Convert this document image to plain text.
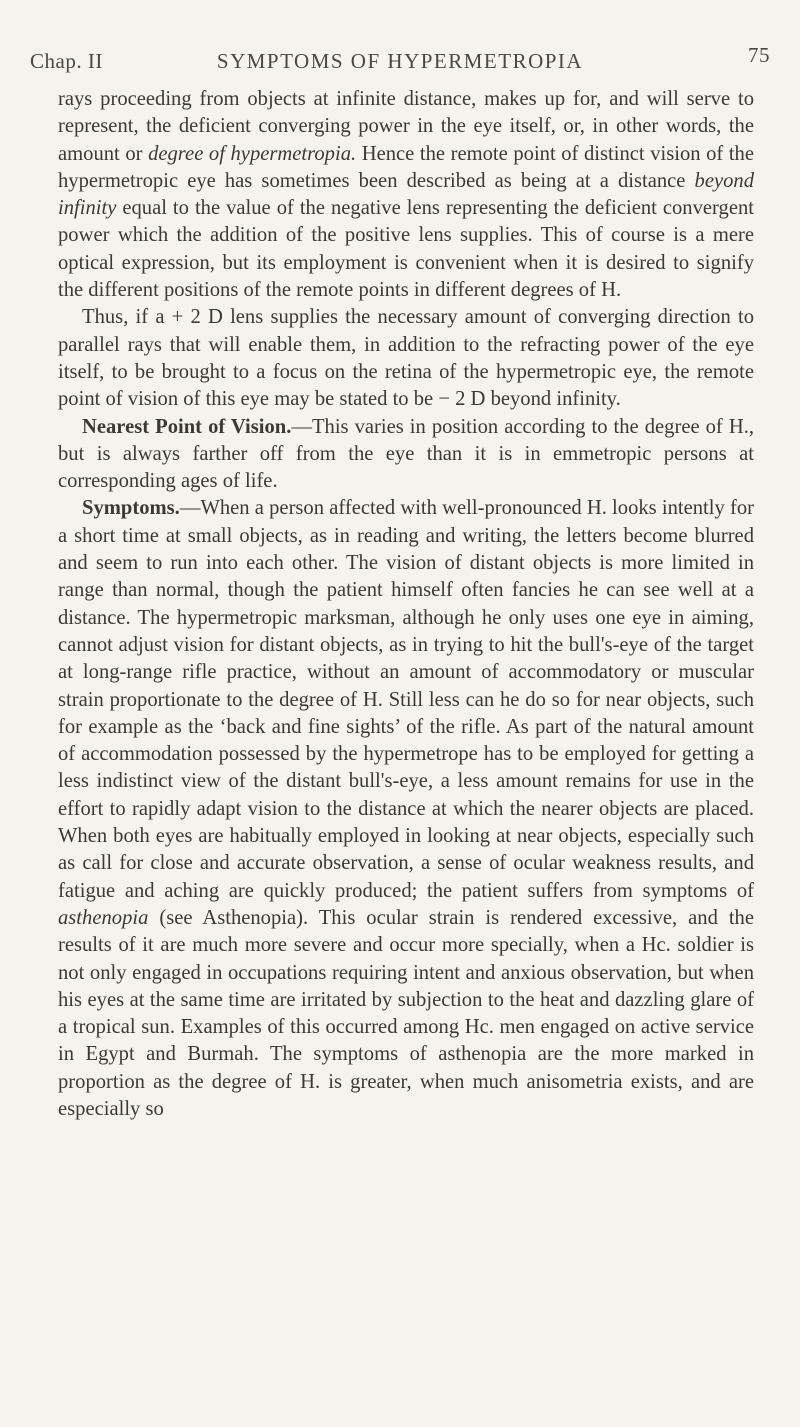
Chap. II	SYMPTOMS OF HYPERMETROPIA	75

rays proceeding from objects at infinite distance, makes up for, and will serve to represent, the deficient converging power in the eye itself, or, in other words, the amount or degree of hypermetropia. Hence the remote point of distinct vision of the hypermetropic eye has sometimes been described as being at a distance beyond infinity equal to the value of the negative lens representing the deficient convergent power which the addition of the positive lens supplies. This of course is a mere optical expression, but its employment is convenient when it is desired to signify the different positions of the remote points in different degrees of H.

Thus, if a + 2 D lens supplies the necessary amount of converging direction to parallel rays that will enable them, in addition to the refracting power of the eye itself, to be brought to a focus on the retina of the hypermetropic eye, the remote point of vision of this eye may be stated to be − 2 D beyond infinity.

Nearest Point of Vision.—This varies in position according to the degree of H., but is always farther off from the eye than it is in emmetropic persons at corresponding ages of life.

Symptoms.—When a person affected with well-pronounced H. looks intently for a short time at small objects, as in reading and writing, the letters become blurred and seem to run into each other. The vision of distant objects is more limited in range than normal, though the patient himself often fancies he can see well at a distance. The hypermetropic marksman, although he only uses one eye in aiming, cannot adjust vision for distant objects, as in trying to hit the bull's-eye of the target at long-range rifle practice, without an amount of accommodatory or muscular strain proportionate to the degree of H. Still less can he do so for near objects, such for example as the ‘back and fine sights’ of the rifle. As part of the natural amount of accommodation possessed by the hypermetrope has to be employed for getting a less indistinct view of the distant bull's-eye, a less amount remains for use in the effort to rapidly adapt vision to the distance at which the nearer objects are placed. When both eyes are habitually employed in looking at near objects, especially such as call for close and accurate observation, a sense of ocular weakness results, and fatigue and aching are quickly produced; the patient suffers from symptoms of asthenopia (see Asthenopia). This ocular strain is rendered excessive, and the results of it are much more severe and occur more specially, when a Hc. soldier is not only engaged in occupations requiring intent and anxious observation, but when his eyes at the same time are irritated by subjection to the heat and dazzling glare of a tropical sun. Examples of this occurred among Hc. men engaged on active service in Egypt and Burmah. The symptoms of asthenopia are the more marked in proportion as the degree of H. is greater, when much anisometria exists, and are especially so
